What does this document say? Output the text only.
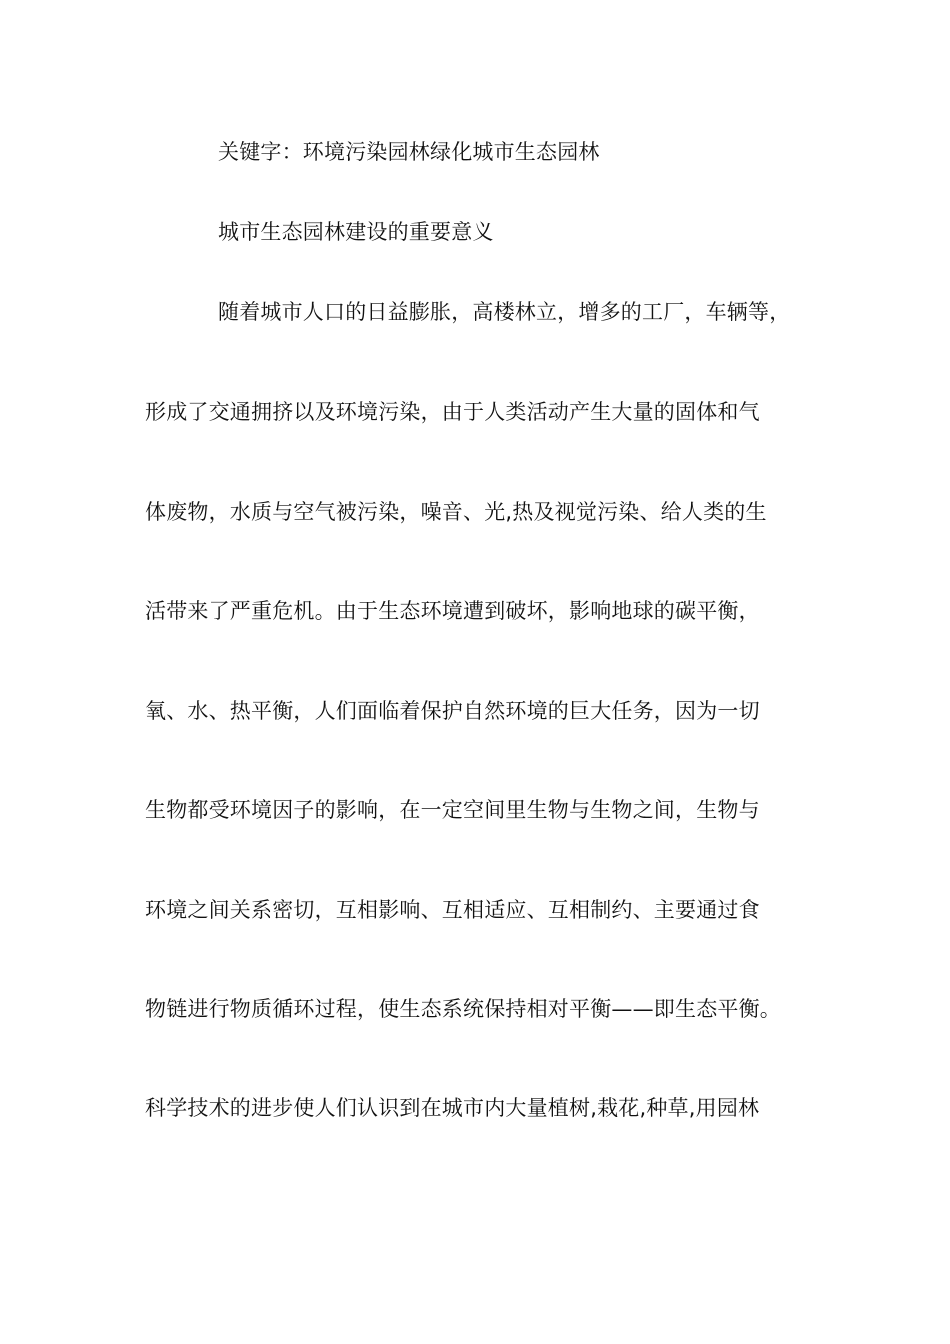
关键字：环境污染园林绿化城市生态园林
城市生态园林建设的重要意义
随着城市人口的日益膨胀，高楼林立，增多的工厂，车辆等，
形成了交通拥挤以及环境污染，由于人类活动产生大量的固体和气
体废物，水质与空气被污染，噪音、光,热及视觉污染、给人类的生
活带来了严重危机。由于生态环境遭到破坏，影响地球的碳平衡，
氧、水、热平衡，人们面临着保护自然环境的巨大任务，因为一切
生物都受环境因子的影响，在一定空间里生物与生物之间，生物与
环境之间关系密切，互相影响、互相适应、互相制约、主要通过食
物链进行物质循环过程，使生态系统保持相对平衡——即生态平衡。
科学技术的进步使人们认识到在城市内大量植树,栽花,种草,用园林
